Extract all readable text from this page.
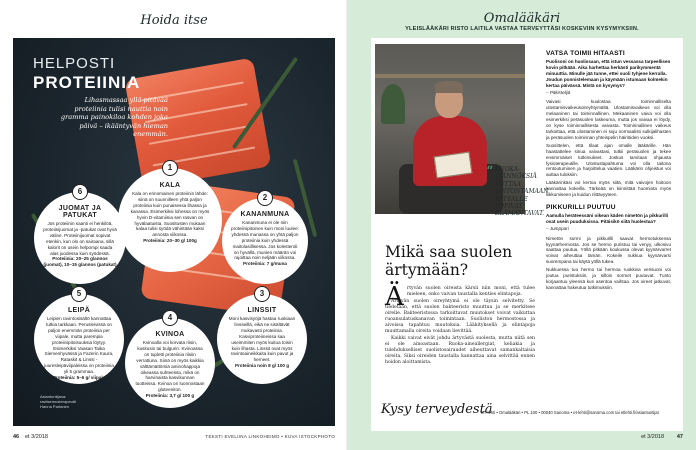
Hoida itse
HELPOSTI
PROTEIINIA
Lihasmassaa yllä pitävää proteiinia tulisi nauttia noin gramma painokiloa kohden joka päivä – ikääntyvän hieman enemmän.
1
KALA
Kala on erinomainen proteiinin lähde: siinä on suunnilleen yhtä paljon proteiinia kuin punaisessa lihassa ja kanassa. Esimerkiksi lohessa on myös hyvin D-vitamiinia sen rasvan on hyvälaatuista. Suositusten mukaan kalaa tulisi syödä vähintään kaksi annosta viikossa.
Proteiinia: 20–30 g/ 100g
2
KANANMUNA
Kananmuna ei ole niin proteiinipitoinen kuin moni luulee: yhdessä munassa on yhtä paljon proteiinia kuin yhdessä maitolasillisessa. Jos kolesteroli on hyvällä, munien määrän voi rajoittaa noin neljään viikossa.
Proteiinia: 7 g/muna
3
LINSSIT
Moni kasvisyöjä hastaa ruokiaan linsseillä, eikä ne sisältävät mukavasti proteiinia. Kasviproteiineissa saa useimmiten myös kuitua toisin kuin lihasta. Linssit ovat myös ravintoaineikkaita kuin pavut ja herneet.
Proteiinia noin 8 g/ 100 g
4
KVINOA
Kvinoalla voi korvata riisin, kuskusin tai bulgurin. Kvinoassa on tupletti proteiinia riisiin verrattuna. Siinä on myös kaikkia välttämättömiä aminohappoja oikeassa suhteessa, mikä on harvinaista kasvikunnan tuotteissa. Kvinoa on luonnostaan gluteeniton.
Proteiinia: 3,7 g/ 100 g
5
LEIPÄ
Leipien ravintosisältö kannattaa tutkia tarkkaan. Perusleivissä on paljon enemmän proteiinia per viipale, mutta parempia proteiinipitoisuuksia löytyy. Esimerkiksi Vaasan Taika Siemenhyvässä ja Fazerin Kaura, Rataskit & Linssi -juuresleipäviipaleissa on proteiinia yli 5 grammaa.
Proteiinia: 5–6 g/ viipale
6
JUOMAT JA PATUKAT
Jos proteiinin saanti ei henkilöä, proteiinijuomat ja -patukat ovat hyvä väline. Proteiinijuomat sopivat etenkin, kun olo on sairaana, sillä kalorit on usein helpompi saada alas juodessa kuin syödessä.
Proteiinia: 20–25 g/annos (juomat), 10–15 g/annos (patukat)
Asiantuntijana: ravitsemusterapeutti Hanna Partanen
46 et 3/2018	TEKSTI EVELIINA LINKOHEIMO • KUVA ISTOCKPHOTO
Omalääkäri
YLEISLÄÄKÄRI RISTO LAITILA VASTAA TERVEYTTÄSI KOSKEVIIN KYSYMYKSIIN.
“ RUOKA-JÄÄNNÖKSIÄ AUTTAA LOITONTAMAAN VATSALLE SOPIVAT ELÄMÄNTAVAT.
Mikä saa suolen ärtymään?
Ä rtyvän suolen oireista kärsii niin moni, että tulee mieleen, onko vaivan taustalla kenties elintapoja.

Ärtyvän suolen oireyhtymä ei ole täysin selvitetty. Se tiedetään, että suolen bakteeristo muuttuu ja se merkitsee oirelle. Bakteeristossa tarkoittavat muutokset voivat vaikuttaa ruoansulatuskanavan toimintaan. Suoliston hermostossa ja aivoissa tapahtuu muutoksia. Lääkityksellä ja elintapoja muuttamalla oireita voidaan lievittää.

Kaikki vaivat eivät johdu ärtyvästä suolesta, mutta niitä sen ei ole ainoastaan. Ruoka-aineallergiat, keliakia ja tulehdukselliset suolistosairaudet aiheuttavat samankaltaisia oireita. Siksi oireiden taustalla kannattaa aina selvittää ennen hoidon aloittamista.

VATSA TOIMII HITAASTI
Puolisoni on huolissaan, että istun vessassa tarpeellisen kovin pitkään. Aika harhettaa herkästi parikymmentä minuuttia. Minulle jää tunne, ettei suoli tyhjene kerralla. Joudun ponnistelemaan ja käymään istumaan kolmekin kertaa päivässä. Mistä on kysymys?
– Pitkistelijä
Vaivasi kuulostaa toiminnalliselta ulostamisvaikeusoireyhtymältä. Ulostamisvaikeus voi olla melaaninen tai toiminnallinen. Mekaaninen vaiva voi olla esimerkiksi peräsuolen laskeuma, mutta jos vaivaa ei löydy, on kyse toiminnallisesta vaivasta. Toiminnallinen vaikeus tarkoittaa, että ulostaminen ei suju normaalisti sulkijalihasten ja peräsuolen toiminnan yhteispelin häiriöiden vuoksi.
Suosittelen, että tilaat ajan omalle lääkärille. Hän haastattelee sinua vaivastasi, tutkii peräsuolen ja tekee ensimmäiset tutkimukset. Joskus tarvitaan ohjausta fysioterapeutille. Ulostustapahtuma voi olla taitona rentoutuminen ja harjoittelua vaatien. Lääkärin ohjeistus voi auttaa tuloksiin.
Lääkärinkäsi voi kertoa myös siitä, mitä vaivojen hoitoon kannattaa kokeilla. Tärkeää on kiinnittää huomiota myös liikkumiseen ja kuidun riittävyyteen.
PIKKURILLI PUUTUU
Aamulla heräteessäni oikean käden nimetön ja pikkurilli ovat usein puuduksissa. Pitäisikö siitä huolestua?
– Jumppari
Nimetön sormi ja pikkurilli saavat hermotuksensa kyynärhermosta. Jos se hermo puristuu tai venyy, ulkosivu saattaa puutua. Yöllä pitkään koukussa olevat kyynärvarret voivat aiheuttaa tämän. Kokeile nukkua kyynärvarsi suorempana tai käytä yöllä tukea.
Nukkuessa tuo hermo tai hermoa ruokkiva verisuoni voi joutua puristuksiin, ja silloin sormet puutuvat. Tunto korjaantuu yleensä kun asentoa vaihtaa. Jos oireet jatkuvat, kannattaa hakeutua tutkimuksiin.
Kysy terveydestä
ET-lehti • Omalääkäri • PL 100 • 00040 Sanoma • et-lehti@sanoma.com tai etlehti.fi/asiantuntijat
et 3/2018 47
